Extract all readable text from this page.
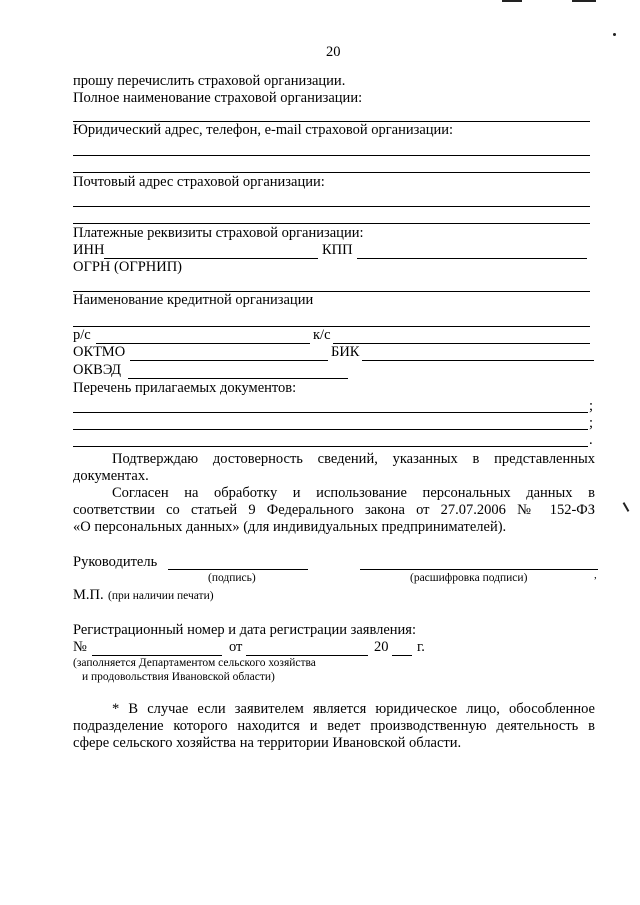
20
прошу перечислить страховой организации.
Полное наименование страховой организации:
Юридический адрес, телефон, e-mail страховой организации:
Почтовый адрес страховой организации:
Платежные реквизиты страховой организации:
ИНН	КПП
ОГРН (ОГРНИП)
Наименование кредитной организации
р/с	к/с
ОКТМО	БИК
ОКВЭД
Перечень прилагаемых документов:
;
;
.
Подтверждаю достоверность сведений, указанных в представленных
документах.
Согласен на обработку и использование персональных данных в
соответствии со статьей 9 Федерального закона от 27.07.2006 № 152-ФЗ
«О персональных данных» (для индивидуальных предпринимателей).
Руководитель
(подпись)	(расшифровка подписи)	,
М.П. (при наличии печати)
Регистрационный номер и дата регистрации заявления:
№	от	20 г.
(заполняется Департаментом сельского хозяйства
и продовольствия Ивановской области)
* В случае если заявителем является юридическое лицо, обособленное
подразделение которого находится и ведет производственную деятельность в
сфере сельского хозяйства на территории Ивановской области.
